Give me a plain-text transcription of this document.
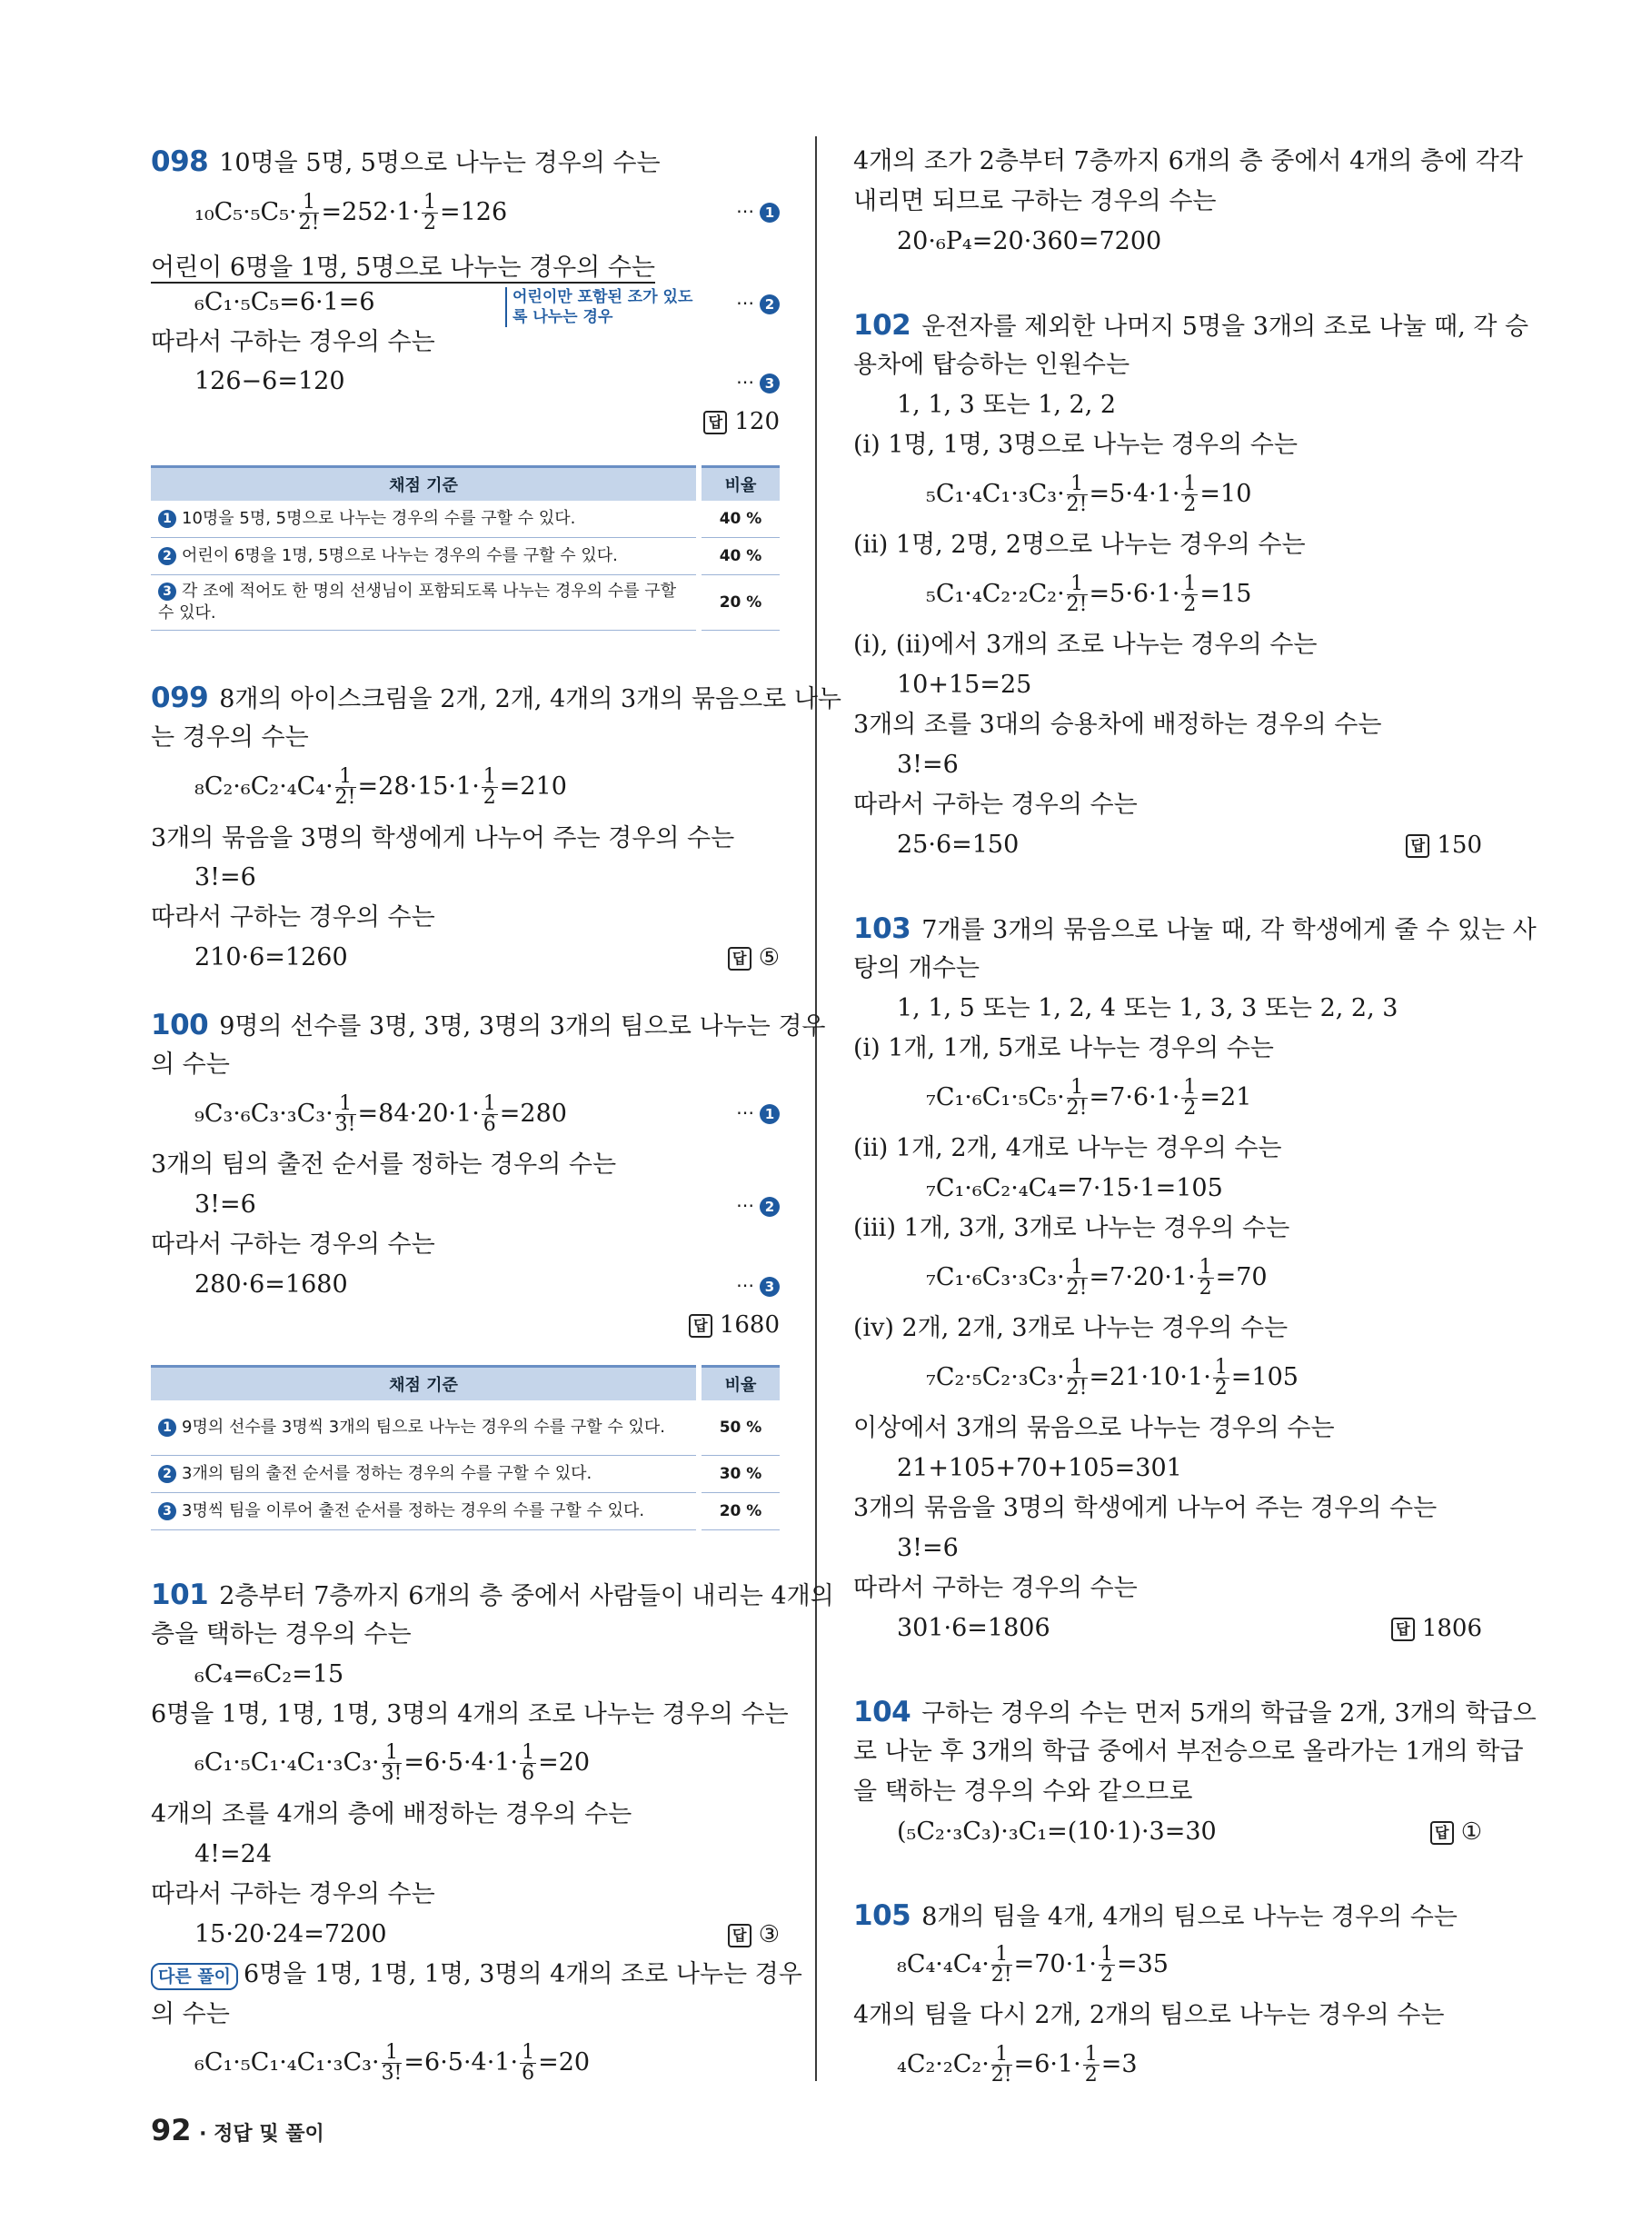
098 10명을 5명, 5명으로 나누는 경우의 수는
$_{10}C_5\cdot_5C_5\cdot \frac{1}{2!} =252\cdot 1\cdot \frac{1}{2} =126$	⋯ 1
어린이 6명을 1명, 5명으로 나누는 경우의 수는
₆C₁·₅C₅=6·1=6	어린이만 포함된 조가 있도록 나누는 경우
⋯ 2
따라서 구하는 경우의 수는
126−6=120	⋯ 3
답 120
채점 기준		비율
1 10명을 5명, 5명으로 나누는 경우의 수를 구할 수 있다.		40 %
2 어린이 6명을 1명, 5명으로 나누는 경우의 수를 구할 수 있다.		40 %
3 각 조에 적어도 한 명의 선생님이 포함되도록 나누는 경우의 수를 구할 수 있다.		20 %
099 8개의 아이스크림을 2개, 2개, 4개의 3개의 묶음으로 나누
는 경우의 수는
$_8C_2\cdot_6C_2\cdot_4C_4\cdot \frac{1}{2!} =28\cdot 15\cdot 1\cdot \frac{1}{2} =210$
3개의 묶음을 3명의 학생에게 나누어 주는 경우의 수는
3!=6
따라서 구하는 경우의 수는
210·6=1260	답 ⑤
100 9명의 선수를 3명, 3명, 3명의 3개의 팀으로 나누는 경우
의 수는
$_9C_3\cdot_6C_3\cdot_3C_3\cdot \frac{1}{3!} =84\cdot 20\cdot 1\cdot \frac{1}{6} =280$	⋯ 1
3개의 팀의 출전 순서를 정하는 경우의 수는
3!=6	⋯ 2
따라서 구하는 경우의 수는
280·6=1680	⋯ 3
답 1680
채점 기준		비율
1 9명의 선수를 3명씩 3개의 팀으로 나누는 경우의 수를 구할 수 있다.		50 %
2 3개의 팀의 출전 순서를 정하는 경우의 수를 구할 수 있다.		30 %
3 3명씩 팀을 이루어 출전 순서를 정하는 경우의 수를 구할 수 있다.		20 %
101 2층부터 7층까지 6개의 층 중에서 사람들이 내리는 4개의
층을 택하는 경우의 수는
₆C₄=₆C₂=15
6명을 1명, 1명, 1명, 3명의 4개의 조로 나누는 경우의 수는
$_6C_1\cdot_5C_1\cdot_4C_1\cdot_3C_3\cdot \frac{1}{3!} =6\cdot 5\cdot 4\cdot 1\cdot \frac{1}{6} =20$
4개의 조를 4개의 층에 배정하는 경우의 수는
4!=24
따라서 구하는 경우의 수는
15·20·24=7200	답 ③
다른 풀이 6명을 1명, 1명, 1명, 3명의 4개의 조로 나누는 경우
의 수는
$_6C_1\cdot_5C_1\cdot_4C_1\cdot_3C_3\cdot \frac{1}{3!} =6\cdot 5\cdot 4\cdot 1\cdot \frac{1}{6} =20$
4개의 조가 2층부터 7층까지 6개의 층 중에서 4개의 층에 각각
내리면 되므로 구하는 경우의 수는
20·₆P₄=20·360=7200
102 운전자를 제외한 나머지 5명을 3개의 조로 나눌 때, 각 승
용차에 탑승하는 인원수는
1, 1, 3 또는 1, 2, 2
(ⅰ) 1명, 1명, 3명으로 나누는 경우의 수는
$_5C_1\cdot_4C_1\cdot_3C_3\cdot \frac{1}{2!} =5\cdot 4\cdot 1\cdot \frac{1}{2} =10$
(ⅱ) 1명, 2명, 2명으로 나누는 경우의 수는
$_5C_1\cdot_4C_2\cdot_2C_2\cdot \frac{1}{2!} =5\cdot 6\cdot 1\cdot \frac{1}{2} =15$
(ⅰ), (ⅱ)에서 3개의 조로 나누는 경우의 수는
10+15=25
3개의 조를 3대의 승용차에 배정하는 경우의 수는
3!=6
따라서 구하는 경우의 수는
25·6=150	답 150
103 7개를 3개의 묶음으로 나눌 때, 각 학생에게 줄 수 있는 사
탕의 개수는
1, 1, 5 또는 1, 2, 4 또는 1, 3, 3 또는 2, 2, 3
(ⅰ) 1개, 1개, 5개로 나누는 경우의 수는
$_7C_1\cdot_6C_1\cdot_5C_5\cdot \frac{1}{2!} =7\cdot 6\cdot 1\cdot \frac{1}{2} =21$
(ⅱ) 1개, 2개, 4개로 나누는 경우의 수는
₇C₁·₆C₂·₄C₄=7·15·1=105
(ⅲ) 1개, 3개, 3개로 나누는 경우의 수는
$_7C_1\cdot_6C_3\cdot_3C_3\cdot \frac{1}{2!} =7\cdot 20\cdot 1\cdot \frac{1}{2} =70$
(ⅳ) 2개, 2개, 3개로 나누는 경우의 수는
$_7C_2\cdot_5C_2\cdot_3C_3\cdot \frac{1}{2!} =21\cdot 10\cdot 1\cdot \frac{1}{2} =105$
이상에서 3개의 묶음으로 나누는 경우의 수는
21+105+70+105=301
3개의 묶음을 3명의 학생에게 나누어 주는 경우의 수는
3!=6
따라서 구하는 경우의 수는
301·6=1806	답 1806
104 구하는 경우의 수는 먼저 5개의 학급을 2개, 3개의 학급으
로 나눈 후 3개의 학급 중에서 부전승으로 올라가는 1개의 학급
을 택하는 경우의 수와 같으므로
(₅C₂·₃C₃)·₃C₁=(10·1)·3=30	답 ①
105 8개의 팀을 4개, 4개의 팀으로 나누는 경우의 수는
$_8C_4\cdot_4C_4\cdot \frac{1}{2!} =70\cdot 1\cdot \frac{1}{2} =35$
4개의 팀을 다시 2개, 2개의 팀으로 나누는 경우의 수는
$_4C_2\cdot_2C_2\cdot \frac{1}{2!} =6\cdot 1\cdot \frac{1}{2} =3$
92 · 정답 및 풀이
